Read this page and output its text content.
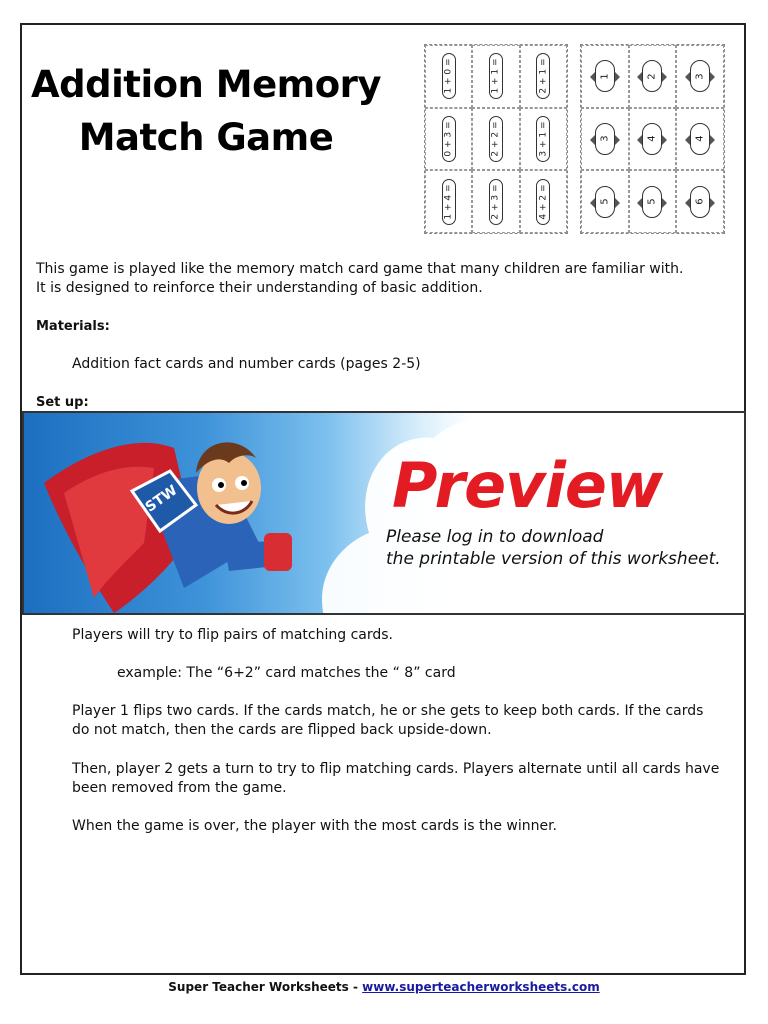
Addition Memory
Match Game
1 + 0 =	1 + 1 =	2 + 1 =
0 + 3 =	2 + 2 =	3 + 1 =
1 + 4 =	2 + 3 =	4 + 2 =
1	2	3
3	4	4
5	5	6
This game is played like the memory match card game that many children are familiar with.
It is designed to reinforce their understanding of basic addition.
Materials:
Addition fact cards and number cards (pages 2-5)
Set up:
STW	Preview
Please log in to download
the printable version of this worksheet.
Players will try to flip pairs of matching cards.
example: The “6+2” card matches the “ 8” card
Player 1 flips two cards. If the cards match, he or she gets to keep both cards. If the cards
do not match, then the cards are flipped back upside-down.
Then, player 2 gets a turn to try to flip matching cards. Players alternate until all cards have
been removed from the game.
When the game is over, the player with the most cards is the winner.
Super Teacher Worksheets - www.superteacherworksheets.com
